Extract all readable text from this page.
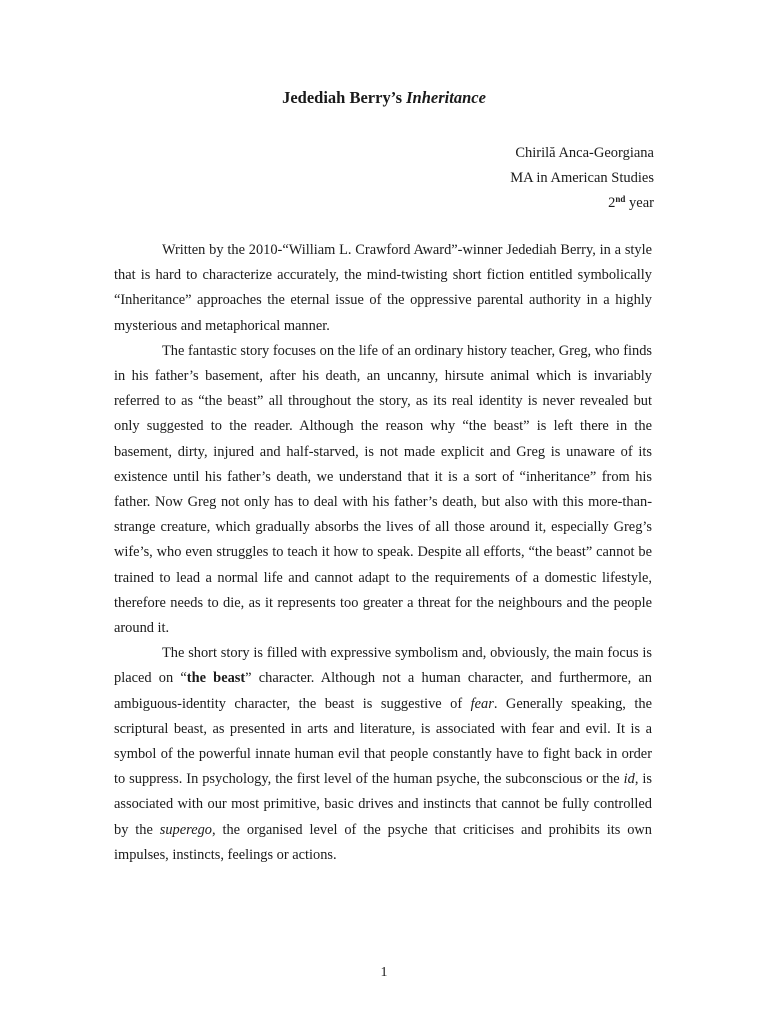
Jedediah Berry’s Inheritance
Chirilă Anca-Georgiana
MA in American Studies
2nd year

Written by the 2010-“William L. Crawford Award”-winner Jedediah Berry, in a style that is hard to characterize accurately, the mind-twisting short fiction entitled symbolically “Inheritance” approaches the eternal issue of the oppressive parental authority in a highly mysterious and metaphorical manner.

The fantastic story focuses on the life of an ordinary history teacher, Greg, who finds in his father’s basement, after his death, an uncanny, hirsute animal which is invariably referred to as “the beast” all throughout the story, as its real identity is never revealed but only suggested to the reader. Although the reason why “the beast” is left there in the basement, dirty, injured and half-starved, is not made explicit and Greg is unaware of its existence until his father’s death, we understand that it is a sort of “inheritance” from his father. Now Greg not only has to deal with his father’s death, but also with this more-than-strange creature, which gradually absorbs the lives of all those around it, especially Greg’s wife’s, who even struggles to teach it how to speak. Despite all efforts, “the beast” cannot be trained to lead a normal life and cannot adapt to the requirements of a domestic lifestyle, therefore needs to die, as it represents too greater a threat for the neighbours and the people around it.

The short story is filled with expressive symbolism and, obviously, the main focus is placed on “the beast” character. Although not a human character, and furthermore, an ambiguous-identity character, the beast is suggestive of fear. Generally speaking, the scriptural beast, as presented in arts and literature, is associated with fear and evil. It is a symbol of the powerful innate human evil that people constantly have to fight back in order to suppress. In psychology, the first level of the human psyche, the subconscious or the id, is associated with our most primitive, basic drives and instincts that cannot be fully controlled by the superego, the organised level of the psyche that criticises and prohibits its own impulses, instincts, feelings or actions.

1
